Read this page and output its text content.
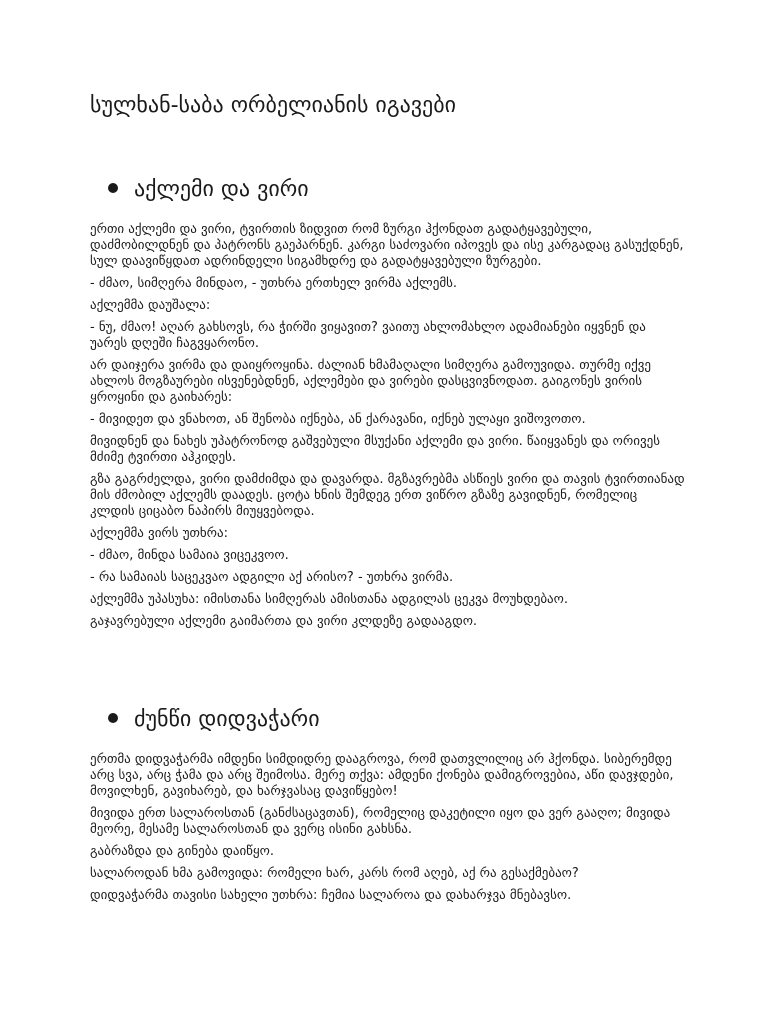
სულხან-საბა ორბელიანის იგავები
აქლემი და ვირი

ერთი აქლემი და ვირი, ტვირთის ზიდვით რომ ზურგი ჰქონდათ გადატყავებული, დაძმობილდნენ და პატრონს გაეპარნენ. კარგი საძოვარი იპოვეს და ისე კარგადაც გასუქდნენ, სულ დაავიწყდათ ადრინდელი სიგამხდრე და გადატყავებული ზურგები.

- ძმაო, სიმღერა მინდაო, - უთხრა ერთხელ ვირმა აქლემს.

აქლემმა დაუშალა:

- ნუ, ძმაო! აღარ გახსოვს, რა ჭირში ვიყავით? ვაითუ ახლომახლო ადამიანები იყვნენ და უარეს დღეში ჩაგვყარონო.

არ დაიჯერა ვირმა და დაიყროყინა. ძალიან ხმამაღალი სიმღერა გამოუვიდა. თურმე იქვე ახლოს მოგზაურები ისვენებდნენ, აქლემები და ვირები დასცვივნოდათ. გაიგონეს ვირის ყროყინი და გაიხარეს:

- მივიდეთ და ვნახოთ, ან შენობა იქნება, ან ქარავანი, იქნებ ულაყი ვიშოვოთო.

მივიდნენ და ნახეს უპატრონოდ გაშვებული მსუქანი აქლემი და ვირი. წაიყვანეს და ორივეს მძიმე ტვირთი აჰკიდეს.

გზა გაგრძელდა, ვირი დამძიმდა და დავარდა. მგზავრებმა ასწიეს ვირი და თავის ტვირთიანად მის ძმობილ აქლემს დაადეს. ცოტა ხნის შემდეგ ერთ ვიწრო გზაზე გავიდნენ, რომელიც კლდის ციცაბო ნაპირს მიუყვებოდა.

აქლემმა ვირს უთხრა:

- ძმაო, მინდა სამაია ვიცეკვოო.

- რა სამაიას საცეკვაო ადგილი აქ არისო? - უთხრა ვირმა.

აქლემმა უპასუხა: იმისთანა სიმღერას ამისთანა ადგილას ცეკვა მოუხდებაო.

გაჯავრებული აქლემი გაიმართა და ვირი კლდეზე გადააგდო.

ძუნწი დიდვაჭარი

ერთმა დიდვაჭარმა იმდენი სიმდიდრე დააგროვა, რომ დათვლილიც არ ჰქონდა. სიბერემდე არც სვა, არც ჭამა და არც შეიმოსა. მერე თქვა: ამდენი ქონება დამიგროვებია, აწი დავჯდები, მოვილხენ, გავიხარებ, და ხარჯვასაც დავიწყებო!

მივიდა ერთ სალაროსთან (განძსაცავთან), რომელიც დაკეტილი იყო და ვერ გააღო; მივიდა მეორე, მესამე სალაროსთან და ვერც ისინი გახსნა.

გაბრაზდა და გინება დაიწყო.

სალაროდან ხმა გამოვიდა: რომელი ხარ, კარს რომ აღებ, აქ რა გესაქმებაო?

დიდვაჭარმა თავისი სახელი უთხრა: ჩემია სალაროა და დახარჯვა მნებავსო.
